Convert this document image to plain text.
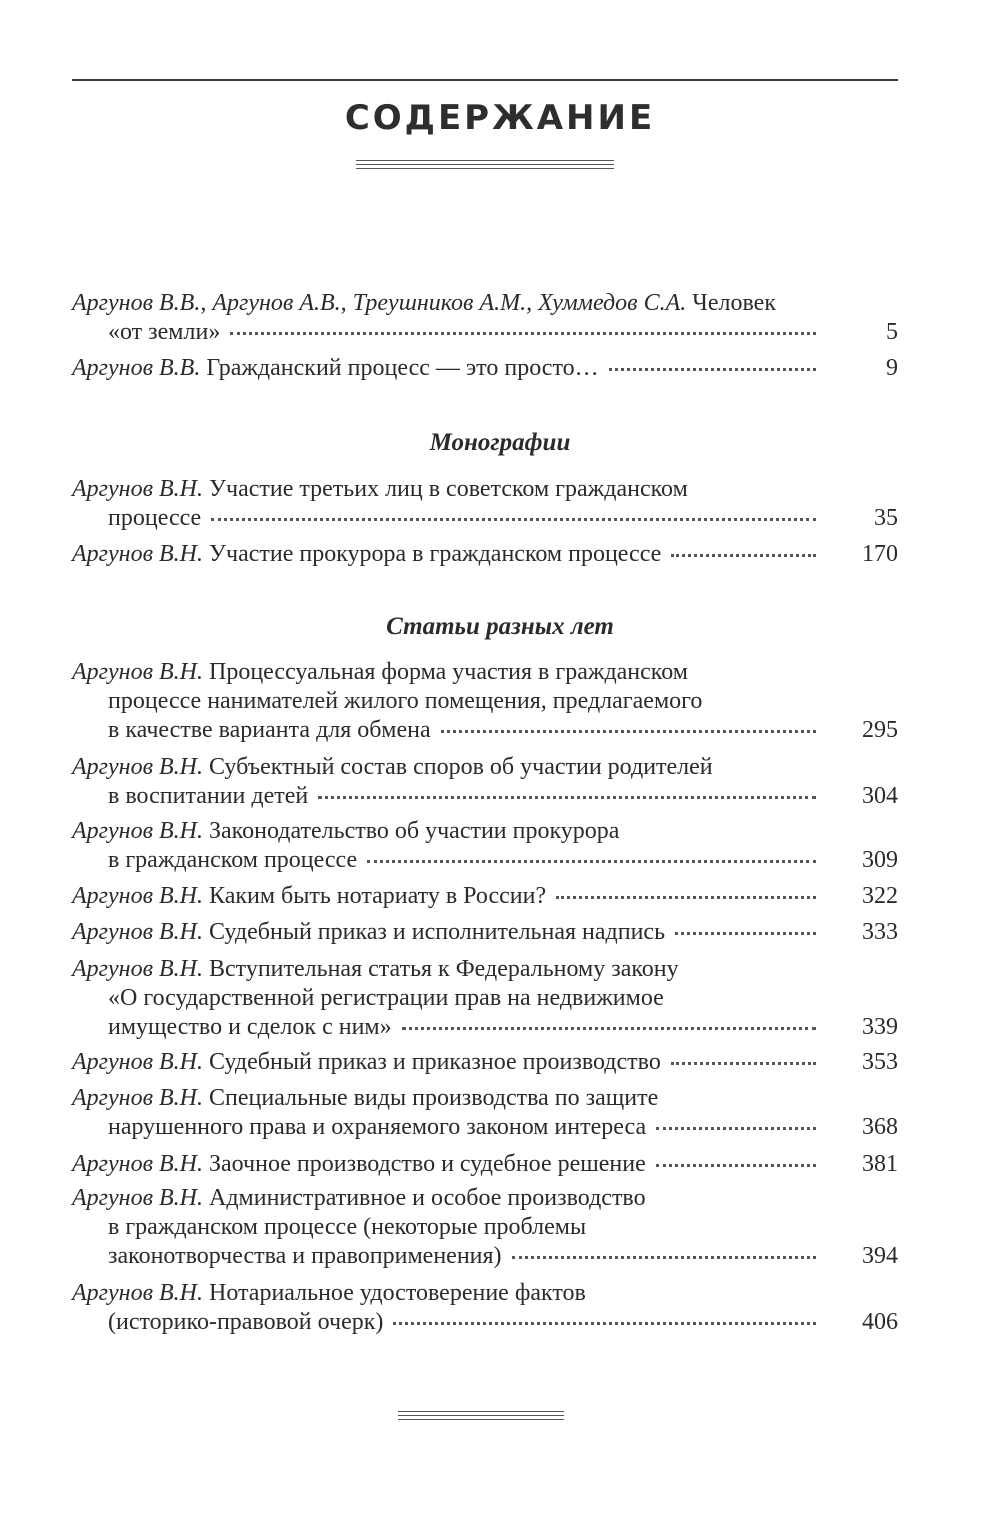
СОДЕРЖАНИЕ
Аргунов В.В., Аргунов А.В., Треушников А.М., Хуммедов С.А. Человек
«от земли»	5
Аргунов В.В. Гражданский процесс — это просто…	9
Монографии
Аргунов В.Н. Участие третьих лиц в советском гражданском
процессе	35
Аргунов В.Н. Участие прокурора в гражданском процессе	170
Статьи разных лет
Аргунов В.Н. Процессуальная форма участия в гражданском
процессе нанимателей жилого помещения, предлагаемого
в качестве варианта для обмена	295
Аргунов В.Н. Субъектный состав споров об участии родителей
в воспитании детей	304
Аргунов В.Н. Законодательство об участии прокурора
в гражданском процессе	309
Аргунов В.Н. Каким быть нотариату в России?	322
Аргунов В.Н. Судебный приказ и исполнительная надпись	333
Аргунов В.Н. Вступительная статья к Федеральному закону
«О государственной регистрации прав на недвижимое
имущество и сделок с ним»	339
Аргунов В.Н. Судебный приказ и приказное производство	353
Аргунов В.Н. Специальные виды производства по защите
нарушенного права и охраняемого законом интереса	368
Аргунов В.Н. Заочное производство и судебное решение	381
Аргунов В.Н. Административное и особое производство
в гражданском процессе (некоторые проблемы
законотворчества и правоприменения)	394
Аргунов В.Н. Нотариальное удостоверение фактов
(историко-правовой очерк)	406
